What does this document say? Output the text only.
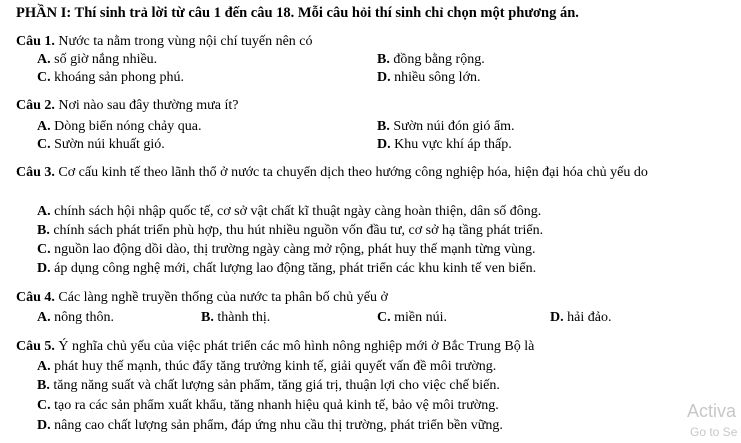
PHẦN I: Thí sinh trả lời từ câu 1 đến câu 18. Mỗi câu hỏi thí sinh chỉ chọn một phương án.
Câu 1. Nước ta nằm trong vùng nội chí tuyến nên có
A. số giờ nắng nhiều.	B. đồng bằng rộng.
C. khoáng sản phong phú.	D. nhiều sông lớn.
Câu 2. Nơi nào sau đây thường mưa ít?
A. Dòng biển nóng chảy qua.	B. Sườn núi đón gió ẩm.
C. Sườn núi khuất gió.	D. Khu vực khí áp thấp.
Câu 3. Cơ cấu kinh tế theo lãnh thổ ở nước ta chuyển dịch theo hướng công nghiệp hóa, hiện đại hóa chủ yếu do
A. chính sách hội nhập quốc tế, cơ sở vật chất kĩ thuật ngày càng hoàn thiện, dân số đông.
B. chính sách phát triển phù hợp, thu hút nhiều nguồn vốn đầu tư, cơ sở hạ tầng phát triển.
C. nguồn lao động dồi dào, thị trường ngày càng mở rộng, phát huy thế mạnh từng vùng.
D. áp dụng công nghệ mới, chất lượng lao động tăng, phát triển các khu kinh tế ven biển.
Câu 4. Các làng nghề truyền thống của nước ta phân bố chủ yếu ở
A. nông thôn.	B. thành thị.	C. miền núi.	D. hải đảo.
Câu 5. Ý nghĩa chủ yếu của việc phát triển các mô hình nông nghiệp mới ở Bắc Trung Bộ là
A. phát huy thế mạnh, thúc đẩy tăng trưởng kinh tế, giải quyết vấn đề môi trường.
B. tăng năng suất và chất lượng sản phẩm, tăng giá trị, thuận lợi cho việc chế biến.
C. tạo ra các sản phẩm xuất khẩu, tăng nhanh hiệu quả kinh tế, bảo vệ môi trường.
D. nâng cao chất lượng sản phẩm, đáp ứng nhu cầu thị trường, phát triển bền vững.
Activa
Go to Se
